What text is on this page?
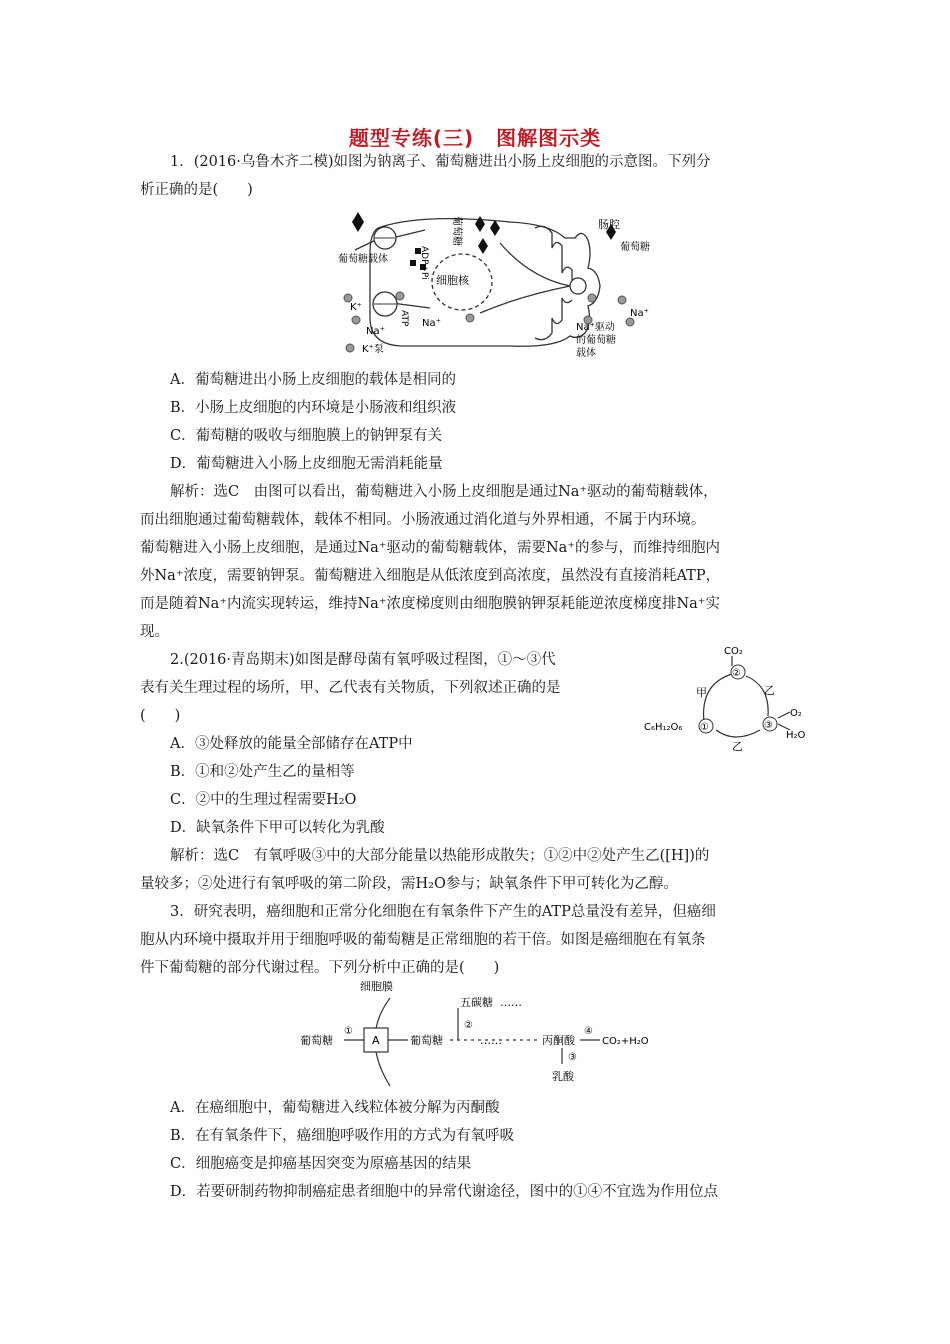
题型专练(三) 图解图示类
1．(2016·乌鲁木齐二模)如图为钠离子、葡萄糖进出小肠上皮细胞的示意图。下列分
析正确的是(　　)
肠腔
葡萄糖
Na⁺
细胞核
葡萄糖载体	ADP+Pi
ATP
葡萄糖
K⁺
Na⁺
Na⁺
K⁺泵
Na⁺驱动
的葡萄糖
载体
A．葡萄糖进出小肠上皮细胞的载体是相同的
B．小肠上皮细胞的内环境是小肠液和组织液
C．葡萄糖的吸收与细胞膜上的钠钾泵有关
D．葡萄糖进入小肠上皮细胞无需消耗能量
解析：选C　由图可以看出，葡萄糖进入小肠上皮细胞是通过Na⁺驱动的葡萄糖载体，
而出细胞通过葡萄糖载体，载体不相同。小肠液通过消化道与外界相通，不属于内环境。
葡萄糖进入小肠上皮细胞，是通过Na⁺驱动的葡萄糖载体，需要Na⁺的参与，而维持细胞内
外Na⁺浓度，需要钠钾泵。葡萄糖进入细胞是从低浓度到高浓度，虽然没有直接消耗ATP，
而是随着Na⁺内流实现转运，维持Na⁺浓度梯度则由细胞膜钠钾泵耗能逆浓度梯度排Na⁺实
现。
2.(2016·青岛期末)如图是酵母菌有氧呼吸过程图，①～③代
表有关生理过程的场所，甲、乙代表有关物质，下列叙述正确的是
(　　)
CO₂
②
甲	乙
C₆H₁₂O₆ ①	③
O₂
H₂O
乙
A．③处释放的能量全部储存在ATP中
B．①和②处产生乙的量相等
C．②中的生理过程需要H₂O
D．缺氧条件下甲可以转化为乳酸
解析：选C　有氧呼吸③中的大部分能量以热能形成散失；①②中②处产生乙([H])的
量较多；②处进行有氧呼吸的第二阶段，需H₂O参与；缺氧条件下甲可转化为乙醇。
3．研究表明，癌细胞和正常分化细胞在有氧条件下产生的ATP总量没有差异，但癌细
胞从内环境中摄取并用于细胞呼吸的葡萄糖是正常细胞的若干倍。如图是癌细胞在有氧条
件下葡萄糖的部分代谢过程。下列分析中正确的是(　　)
细胞膜
五碳糖 ……
葡萄糖
①
A	葡萄糖	……
②
丙酮酸
④
CO₂+H₂O
③
乳酸
A．在癌细胞中，葡萄糖进入线粒体被分解为丙酮酸
B．在有氧条件下，癌细胞呼吸作用的方式为有氧呼吸
C．细胞癌变是抑癌基因突变为原癌基因的结果
D．若要研制药物抑制癌症患者细胞中的异常代谢途径，图中的①④不宜选为作用位点
